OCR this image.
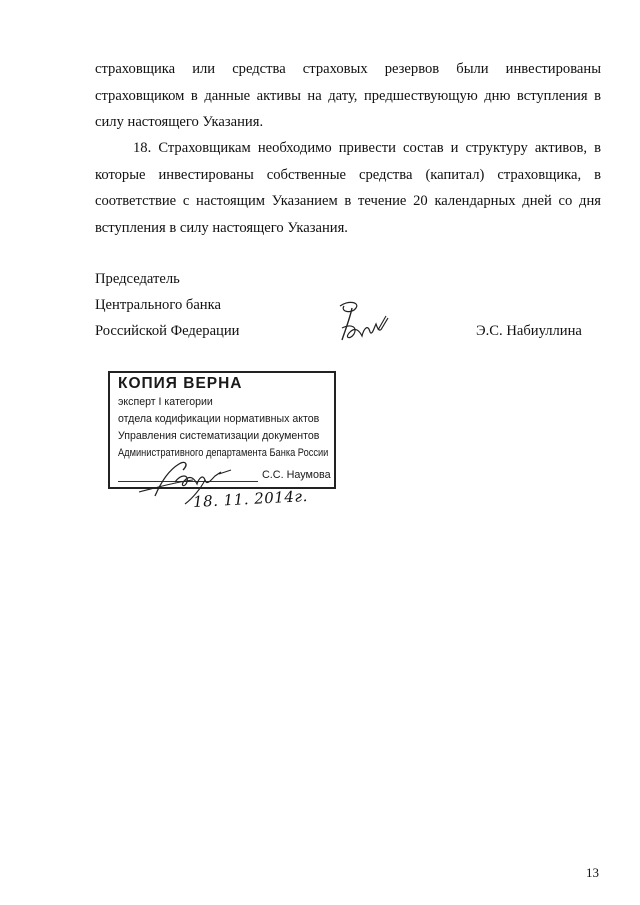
страховщика или средства страховых резервов были инвестированы
страховщиком в данные активы на дату, предшествующую дню вступления в
силу настоящего Указания.
18. Страховщикам необходимо привести состав и структуру активов, в
которые инвестированы собственные средства (капитал) страховщика, в
соответствие с настоящим Указанием в течение 20 календарных дней со дня
вступления в силу настоящего Указания.
Председатель
Центрального банка
Российской Федерации	Э.С. Набиуллина
КОПИЯ ВЕРНА
эксперт I категории
отдела кодификации нормативных актов
Управления систематизации документов
Административного департамента Банка России
С.С. Наумова
18. 11. 2014г.
13
